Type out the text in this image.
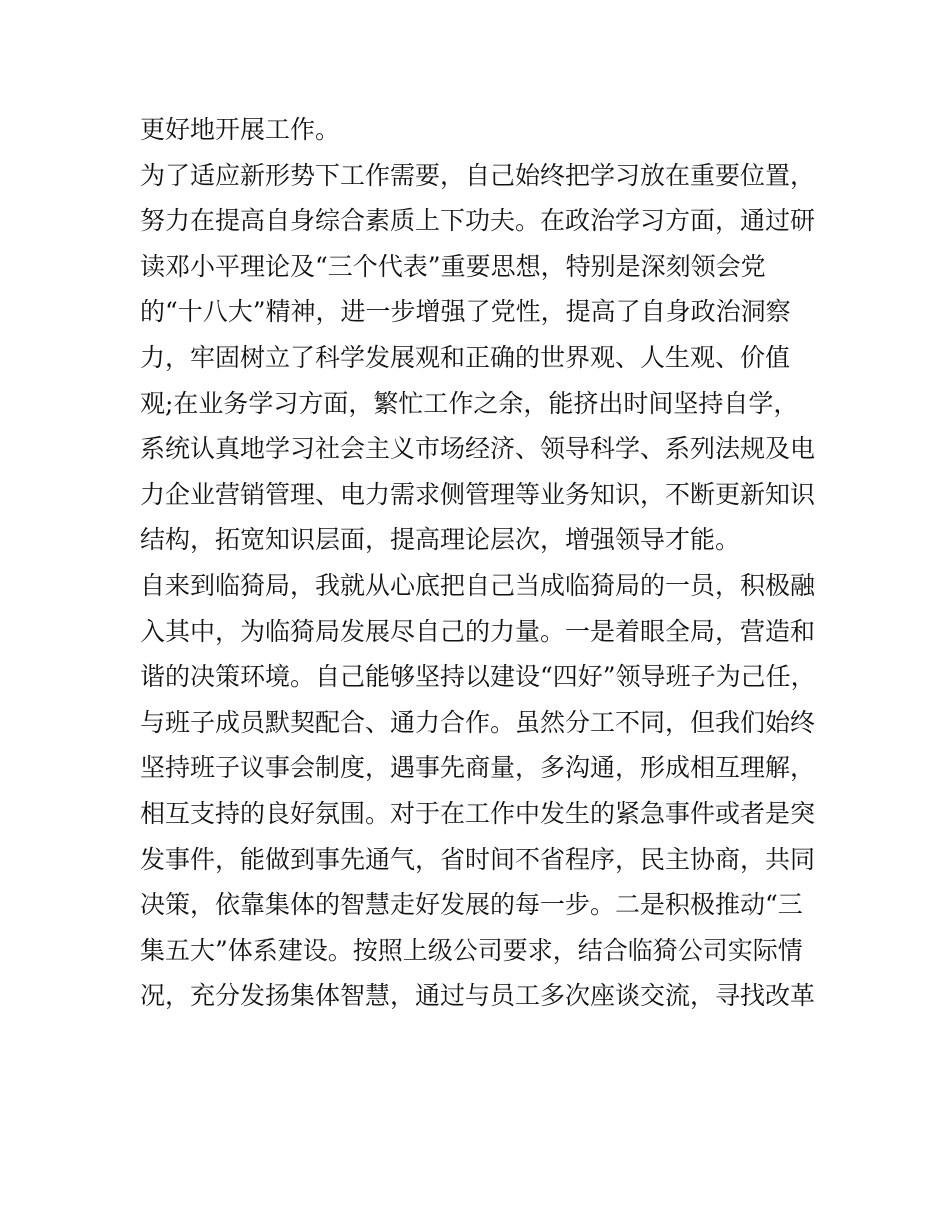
更好地开展工作。
为了适应新形势下工作需要，自己始终把学习放在重要位置，
努力在提高自身综合素质上下功夫。在政治学习方面，通过研
读邓小平理论及“三个代表”重要思想，特别是深刻领会党
的“十八大”精神，进一步增强了党性，提高了自身政治洞察
力，牢固树立了科学发展观和正确的世界观、人生观、价值
观;在业务学习方面，繁忙工作之余，能挤出时间坚持自学，
系统认真地学习社会主义市场经济、领导科学、系列法规及电
力企业营销管理、电力需求侧管理等业务知识，不断更新知识
结构，拓宽知识层面，提高理论层次，增强领导才能。
自来到临猗局，我就从心底把自己当成临猗局的一员，积极融
入其中，为临猗局发展尽自己的力量。一是着眼全局，营造和
谐的决策环境。自己能够坚持以建设“四好”领导班子为己任，
与班子成员默契配合、通力合作。虽然分工不同，但我们始终
坚持班子议事会制度，遇事先商量，多沟通，形成相互理解，
相互支持的良好氛围。对于在工作中发生的紧急事件或者是突
发事件，能做到事先通气，省时间不省程序，民主协商，共同
决策，依靠集体的智慧走好发展的每一步。二是积极推动“三
集五大”体系建设。按照上级公司要求，结合临猗公司实际情
况，充分发扬集体智慧，通过与员工多次座谈交流，寻找改革
